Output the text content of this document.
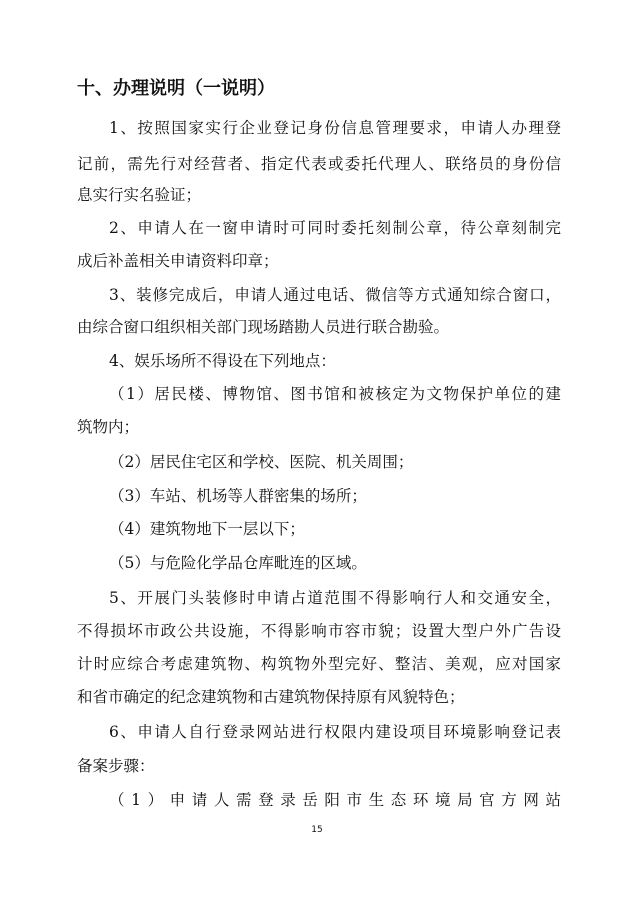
十、办理说明（一说明）
1、按照国家实行企业登记身份信息管理要求，申请人办理登
记前，需先行对经营者、指定代表或委托代理人、联络员的身份信
息实行实名验证；
2、申请人在一窗申请时可同时委托刻制公章，待公章刻制完
成后补盖相关申请资料印章；
3、装修完成后，申请人通过电话、微信等方式通知综合窗口，
由综合窗口组织相关部门现场踏勘人员进行联合勘验。
4、娱乐场所不得设在下列地点：
（1）居民楼、博物馆、图书馆和被核定为文物保护单位的建
筑物内；
（2）居民住宅区和学校、医院、机关周围；
（3）车站、机场等人群密集的场所；
（4）建筑物地下一层以下；
（5）与危险化学品仓库毗连的区域。
5、开展门头装修时申请占道范围不得影响行人和交通安全，
不得损坏市政公共设施，不得影响市容市貌；设置大型户外广告设
计时应综合考虑建筑物、构筑物外型完好、整洁、美观，应对国家
和省市确定的纪念建筑物和古建筑物保持原有风貌特色；
6、申请人自行登录网站进行权限内建设项目环境影响登记表
备案步骤：
（1）申请人需登录岳阳市生态环境局官方网站
15
